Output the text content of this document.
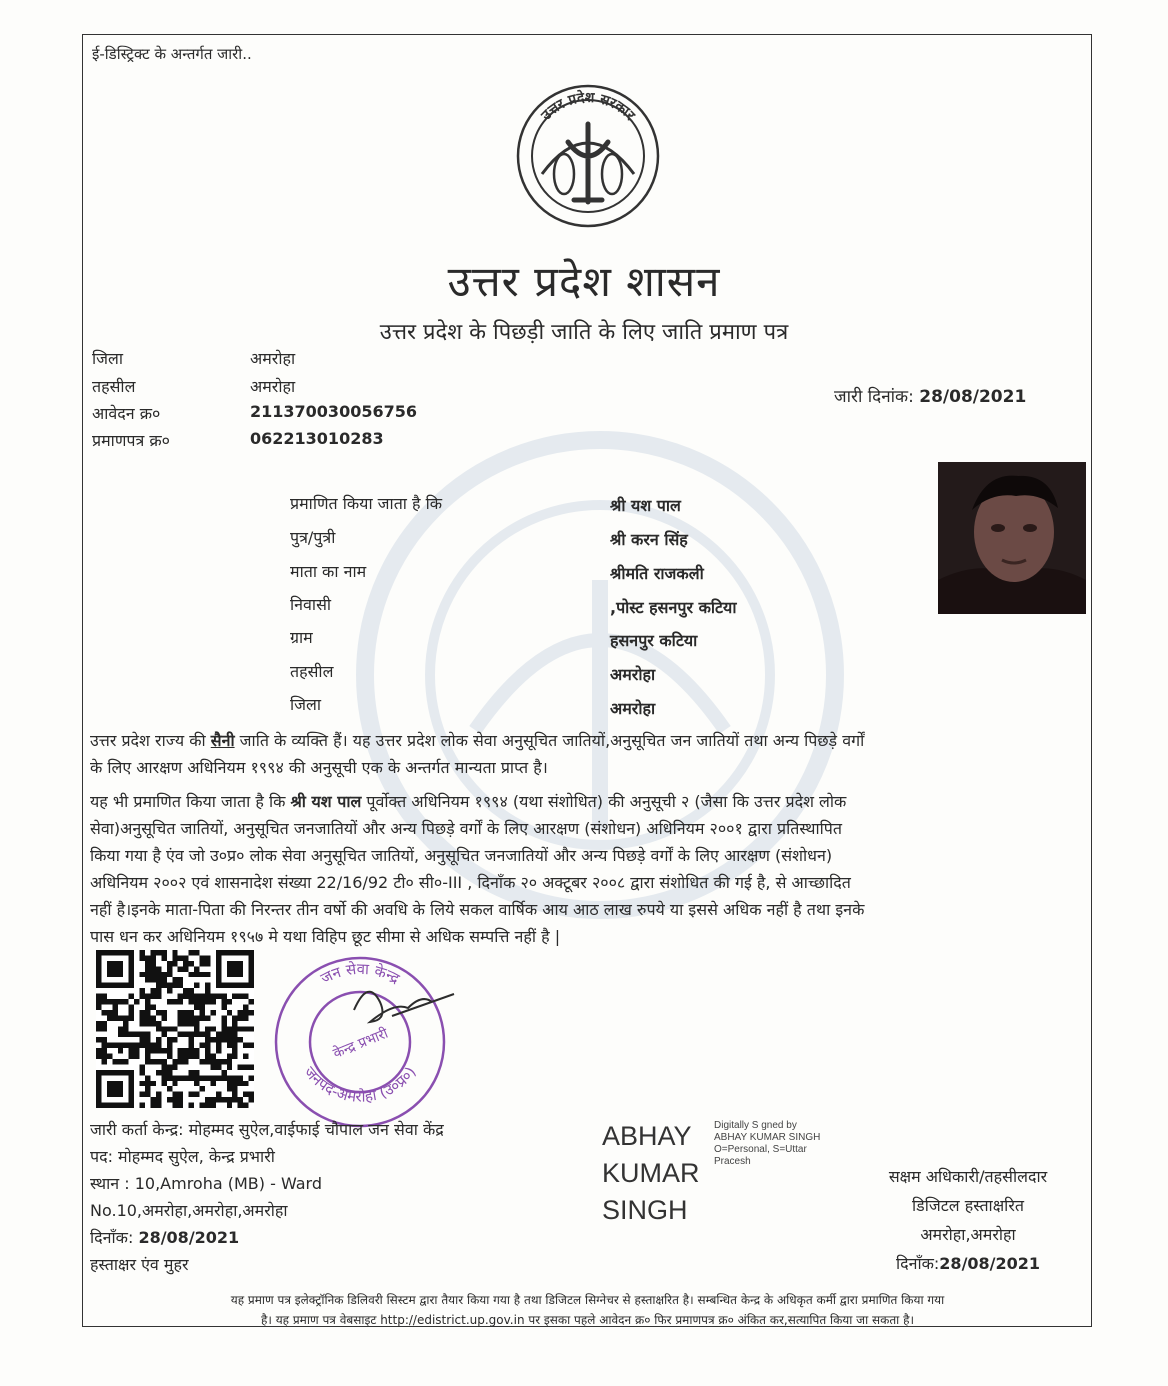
ई-डिस्ट्रिक्ट के अन्तर्गत जारी..
उत्तर प्रदेश सरकार
उत्तर प्रदेश शासन
उत्तर प्रदेश के पिछड़ी जाति के लिए जाति प्रमाण पत्र
जिला	अमरोहा
तहसील	अमरोहा
आवेदन क्र०	211370030056756
प्रमाणपत्र क्र०	062213010283
जारी दिनांक: 28/08/2021
प्रमाणित किया जाता है कि	श्री यश पाल
पुत्र/पुत्री	श्री करन सिंह
माता का नाम	श्रीमति राजकली
निवासी	,पोस्ट हसनपुर कटिया
ग्राम	हसनपुर कटिया
तहसील	अमरोहा
जिला	अमरोहा
उत्तर प्रदेश राज्य की सैनी जाति के व्यक्ति हैं। यह उत्तर प्रदेश लोक सेवा अनुसूचित जातियों,अनुसूचित जन जातियों तथा अन्य पिछड़े वर्गों
के लिए आरक्षण अधिनियम १९९४ की अनुसूची एक के अन्तर्गत मान्यता प्राप्त है।
यह भी प्रमाणित किया जाता है कि श्री यश पाल पूर्वोक्त अधिनियम १९९४ (यथा संशोधित) की अनुसूची २ (जैसा कि उत्तर प्रदेश लोक
सेवा)अनुसूचित जातियों, अनुसूचित जनजातियों और अन्य पिछड़े वर्गों के लिए आरक्षण (संशोधन) अधिनियम २००१ द्वारा प्रतिस्थापित
किया गया है एंव जो उ०प्र० लोक सेवा अनुसूचित जातियों, अनुसूचित जनजातियों और अन्य पिछड़े वर्गों के लिए आरक्षण (संशोधन)
अधिनियम २००२ एवं शासनादेश संख्या 22/16/92 टी० सी०-III , दिनाँक २० अक्टूबर २००८ द्वारा संशोधित की गई है, से आच्छादित
नहीं है।इनके माता-पिता की निरन्तर तीन वर्षो की अवधि के लिये सकल वार्षिक आय आठ लाख रुपये या इससे अधिक नहीं है तथा इनके
पास धन कर अधिनियम १९५७ मे यथा विहिप छूट सीमा से अधिक सम्पत्ति नहीं है |
जन सेवा केन्द्र
जनपद-अमरोहा (उ०प्र०)
केन्द्र प्रभारी
जारी कर्ता केन्द्र: मोहम्मद सुऐल,वाईफाई चौपाल जन सेवा केंद्र
पद: मोहम्मद सुऐल, केन्द्र प्रभारी
स्थान : 10,Amroha (MB) - Ward
No.10,अमरोहा,अमरोहा,अमरोहा
दिनाँक: 28/08/2021
हस्ताक्षर एंव मुहर
ABHAY
KUMAR
SINGH
Digitally S gned by
ABHAY KUMAR SINGH
O=Personal, S=Uttar
Pracesh
सक्षम अधिकारी/तहसीलदार
डिजिटल हस्ताक्षरित
अमरोहा,अमरोहा
दिनाँक:28/08/2021
यह प्रमाण पत्र इलेक्ट्रॉनिक डिलिवरी सिस्टम द्वारा तैयार किया गया है तथा डिजिटल सिग्नेचर से हस्ताक्षरित है। सम्बन्धित केन्द्र के अधिकृत कर्मी द्वारा प्रमाणित किया गया
है। यह प्रमाण पत्र वेबसाइट http://edistrict.up.gov.in पर इसका पहले आवेदन क्र० फिर प्रमाणपत्र क्र० अंकित कर,सत्यापित किया जा सकता है।
